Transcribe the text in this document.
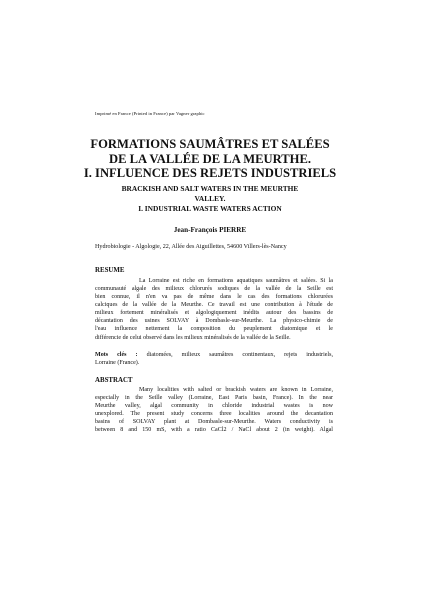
Imprimé en France (Printed in France) par Vagner graphic
FORMATIONS SAUMÂTRES ET SALÉES
DE LA VALLÉE DE LA MEURTHE.
I. INFLUENCE DES REJETS INDUSTRIELS
BRACKISH AND SALT WATERS IN THE MEURTHE
VALLEY.
I. INDUSTRIAL WASTE WATERS ACTION
Jean-François PIERRE
Hydrobiologie - Algologie, 22, Allée des Aiguillettes, 54600 Villers-lès-Nancy
RESUME
La Lorraine est riche en formations aquatiques saumâtres et salées. Si la
communauté algale des milieux chlorurés sodiques de la vallée de la Seille est
bien connue, il n'en va pas de même dans le cas des formations chlorurées
calciques de la vallée de la Meurthe. Ce travail est une contribution à l'étude de
milieux fortement minéralisés et algologiquement inédits autour des bassins de
décantation des usines SOLVAY à Dombasle-sur-Meurthe. La physico-chimie de
l'eau influence nettement la composition du peuplement diatomique et le
différencie de celui observé dans les milieux minéralisés de la vallée de la Seille.
Mots clés : diatomées, milieux saumâtres continentaux, rejets industriels,
Lorraine (France).
ABSTRACT
Many localities with salted or brackish waters are known in Lorraine,
especially in the Seille valley (Lorraine, East Paris basin, France). In the near
Meurthe valley, algal community in chloride industrial wastes is now
unexplored. The present study concerns three localities around the decantation
basins of SOLVAY plant at Dombasle-sur-Meurthe. Waters conductivity is
between 8 and 150 mS, with a ratio CaCl2 / NaCl about 2 (in weight). Algal
